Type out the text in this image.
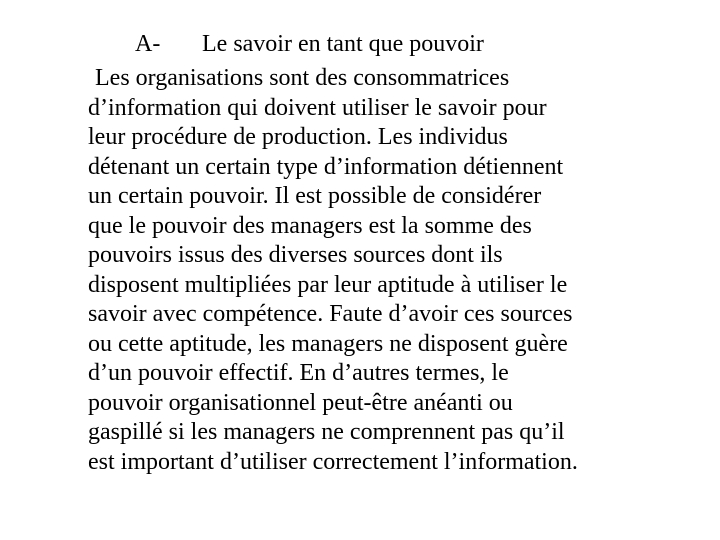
A- Le savoir en tant que pouvoir
Les organisations sont des consommatrices
d’information qui doivent utiliser le savoir pour
leur procédure de production. Les individus
détenant un certain type d’information détiennent
un certain pouvoir. Il est possible de considérer
que le pouvoir des managers est la somme des
pouvoirs issus des diverses sources dont ils
disposent multipliées par leur aptitude à utiliser le
savoir avec compétence. Faute d’avoir ces sources
ou cette aptitude, les managers ne disposent guère
d’un pouvoir effectif. En d’autres termes, le
pouvoir organisationnel peut-être anéanti ou
gaspillé si les managers ne comprennent pas qu’il
est important d’utiliser correctement l’information.
